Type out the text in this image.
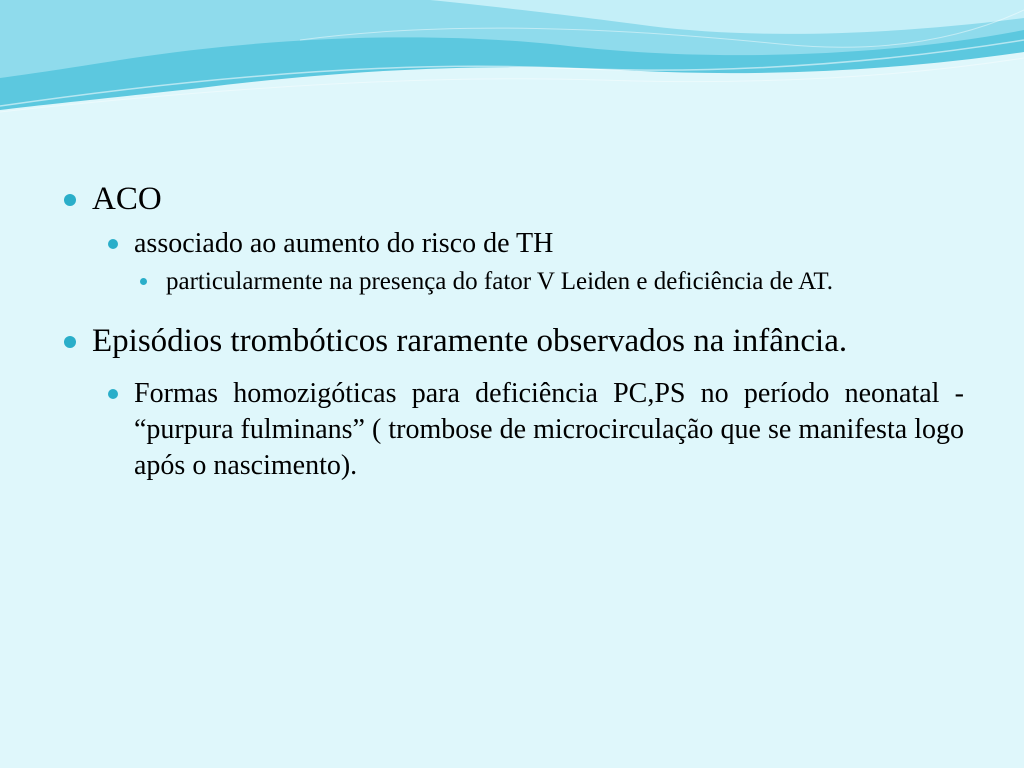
ACO
associado ao aumento do risco de TH
particularmente na presença do fator V Leiden e deficiência de AT.
Episódios trombóticos raramente observados na infância.
Formas homozigóticas para deficiência PC,PS no período neonatal - “purpura fulminans” ( trombose de microcirculação que se manifesta logo após o nascimento).
